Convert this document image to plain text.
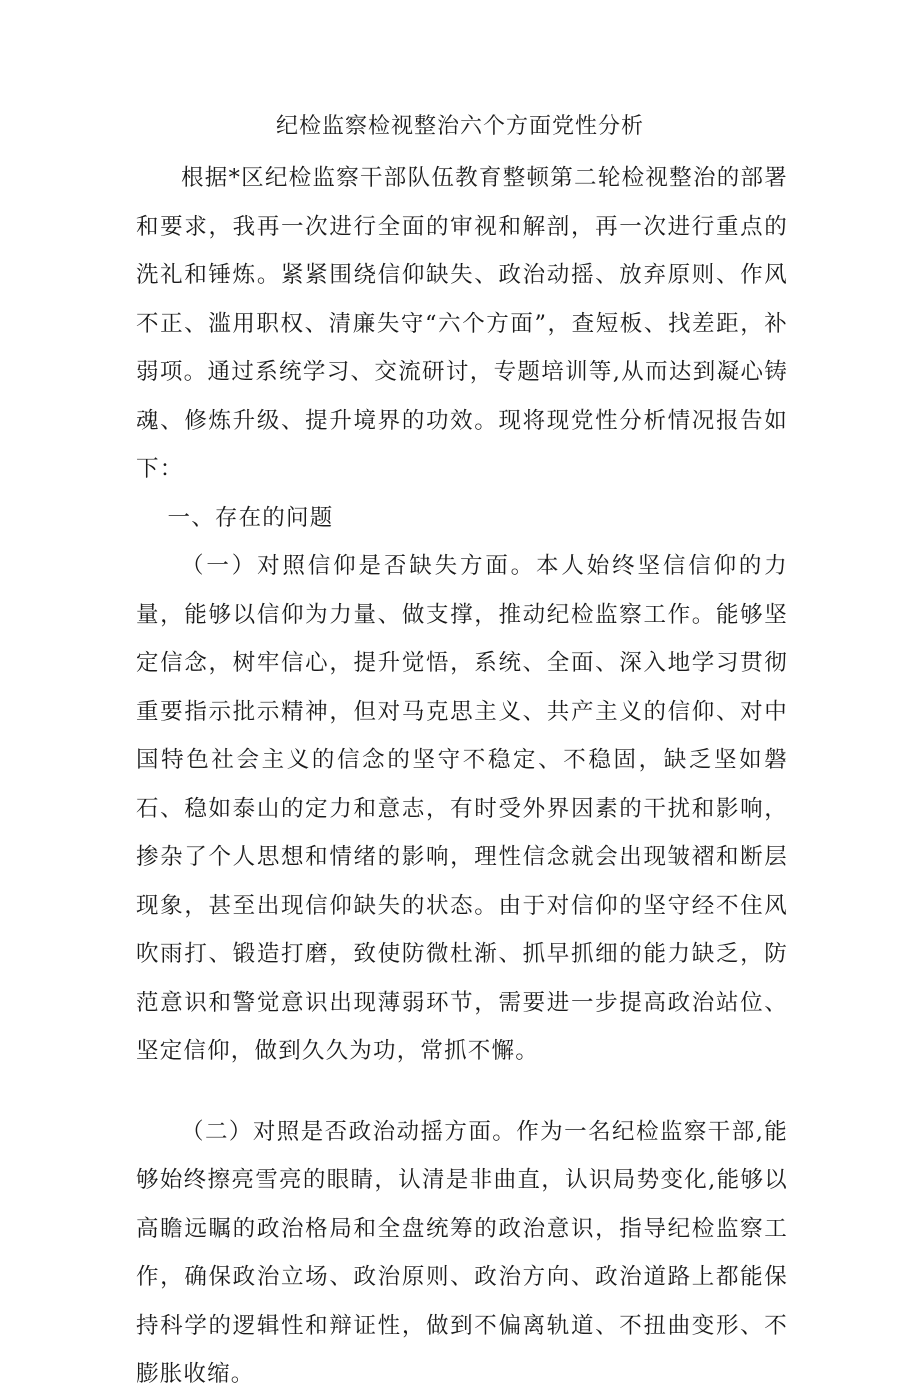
纪检监察检视整治六个方面党性分析

根据*区纪检监察干部队伍教育整顿第二轮检视整治的部署和要求，我再一次进行全面的审视和解剖，再一次进行重点的洗礼和锤炼。紧紧围绕信仰缺失、政治动摇、放弃原则、作风不正、滥用职权、清廉失守“六个方面”，查短板、找差距，补弱项。通过系统学习、交流研讨，专题培训等,从而达到凝心铸魂、修炼升级、提升境界的功效。现将现党性分析情况报告如下：

一、存在的问题

（一）对照信仰是否缺失方面。本人始终坚信信仰的力量，能够以信仰为力量、做支撑，推动纪检监察工作。能够坚定信念，树牢信心，提升觉悟，系统、全面、深入地学习贯彻重要指示批示精神，但对马克思主义、共产主义的信仰、对中国特色社会主义的信念的坚守不稳定、不稳固，缺乏坚如磐石、稳如泰山的定力和意志，有时受外界因素的干扰和影响，掺杂了个人思想和情绪的影响，理性信念就会出现皱褶和断层现象，甚至出现信仰缺失的状态。由于对信仰的坚守经不住风吹雨打、锻造打磨，致使防微杜渐、抓早抓细的能力缺乏，防范意识和警觉意识出现薄弱环节，需要进一步提高政治站位、坚定信仰，做到久久为功，常抓不懈。

（二）对照是否政治动摇方面。作为一名纪检监察干部,能够始终擦亮雪亮的眼睛，认清是非曲直，认识局势变化,能够以高瞻远瞩的政治格局和全盘统筹的政治意识，指导纪检监察工作，确保政治立场、政治原则、政治方向、政治道路上都能保持科学的逻辑性和辩证性，做到不偏离轨道、不扭曲变形、不膨胀收缩。
